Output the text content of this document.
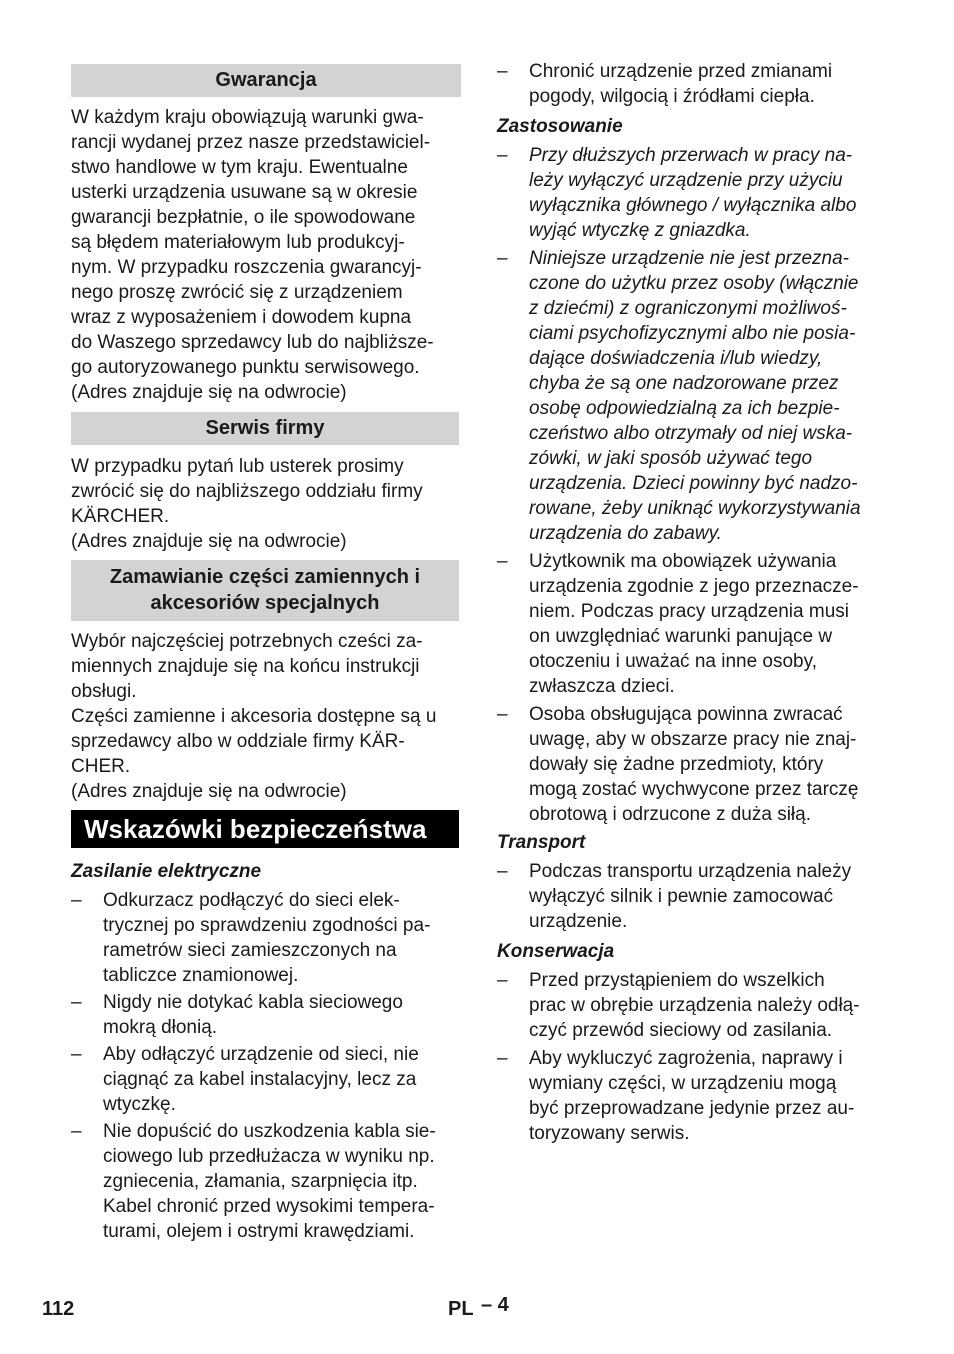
Gwarancja

W każdym kraju obowiązują warunki gwa-
rancji wydanej przez nasze przedstawiciel-
stwo handlowe w tym kraju. Ewentualne
usterki urządzenia usuwane są w okresie
gwarancji bezpłatnie, o ile spowodowane
są błędem materiałowym lub produkcyj-
nym. W przypadku roszczenia gwarancyj-
nego proszę zwrócić się z urządzeniem
wraz z wyposażeniem i dowodem kupna
do Waszego sprzedawcy lub do najbliższe-
go autoryzowanego punktu serwisowego.
(Adres znajduje się na odwrocie)

Serwis firmy

W przypadku pytań lub usterek prosimy
zwrócić się do najbliższego oddziału firmy
KÄRCHER.
(Adres znajduje się na odwrocie)

Zamawianie części zamiennych i
akcesoriów specjalnych

Wybór najczęściej potrzebnych cześci za-
miennych znajduje się na końcu instrukcji
obsługi.
Części zamienne i akcesoria dostępne są u
sprzedawcy albo w oddziale firmy KÄR-
CHER.
(Adres znajduje się na odwrocie)

Wskazówki bezpieczeństwa
Zasilanie elektryczne
– Odkurzacz podłączyć do sieci elek-
trycznej po sprawdzeniu zgodności pa-
rametrów sieci zamieszczonych na
tabliczce znamionowej.
– Nigdy nie dotykać kabla sieciowego
mokrą dłonią.
– Aby odłączyć urządzenie od sieci, nie
ciągnąć za kabel instalacyjny, lecz za
wtyczkę.
– Nie dopuścić do uszkodzenia kabla sie-
ciowego lub przedłużacza w wyniku np.
zgniecenia, złamania, szarpnięcia itp.
Kabel chronić przed wysokimi tempera-
turami, olejem i ostrymi krawędziami.
– Chronić urządzenie przed zmianami
pogody, wilgocią i źródłami ciepła.
Zastosowanie
– Przy dłuższych przerwach w pracy na-
leży wyłączyć urządzenie przy użyciu
wyłącznika głównego / wyłącznika albo
wyjąć wtyczkę z gniazdka.
– Niniejsze urządzenie nie jest przezna-
czone do użytku przez osoby (włącznie
z dziećmi) z ograniczonymi możliwoś-
ciami psychofizycznymi albo nie posia-
dające doświadczenia i/lub wiedzy,
chyba że są one nadzorowane przez
osobę odpowiedzialną za ich bezpie-
czeństwo albo otrzymały od niej wska-
zówki, w jaki sposób używać tego
urządzenia. Dzieci powinny być nadzo-
rowane, żeby uniknąć wykorzystywania
urządzenia do zabawy.
– Użytkownik ma obowiązek używania
urządzenia zgodnie z jego przeznacze-
niem. Podczas pracy urządzenia musi
on uwzględniać warunki panujące w
otoczeniu i uważać na inne osoby,
zwłaszcza dzieci.
– Osoba obsługująca powinna zwracać
uwagę, aby w obszarze pracy nie znaj-
dowały się żadne przedmioty, który
mogą zostać wychwycone przez tarczę
obrotową i odrzucone z duża siłą.
Transport
– Podczas transportu urządzenia należy
wyłączyć silnik i pewnie zamocować
urządzenie.
Konserwacja
– Przed przystąpieniem do wszelkich
prac w obrębie urządzenia należy odłą-
czyć przewód sieciowy od zasilania.
– Aby wykluczyć zagrożenia, naprawy i
wymiany części, w urządzeniu mogą
być przeprowadzane jedynie przez au-
toryzowany serwis.
112	PL – 4
